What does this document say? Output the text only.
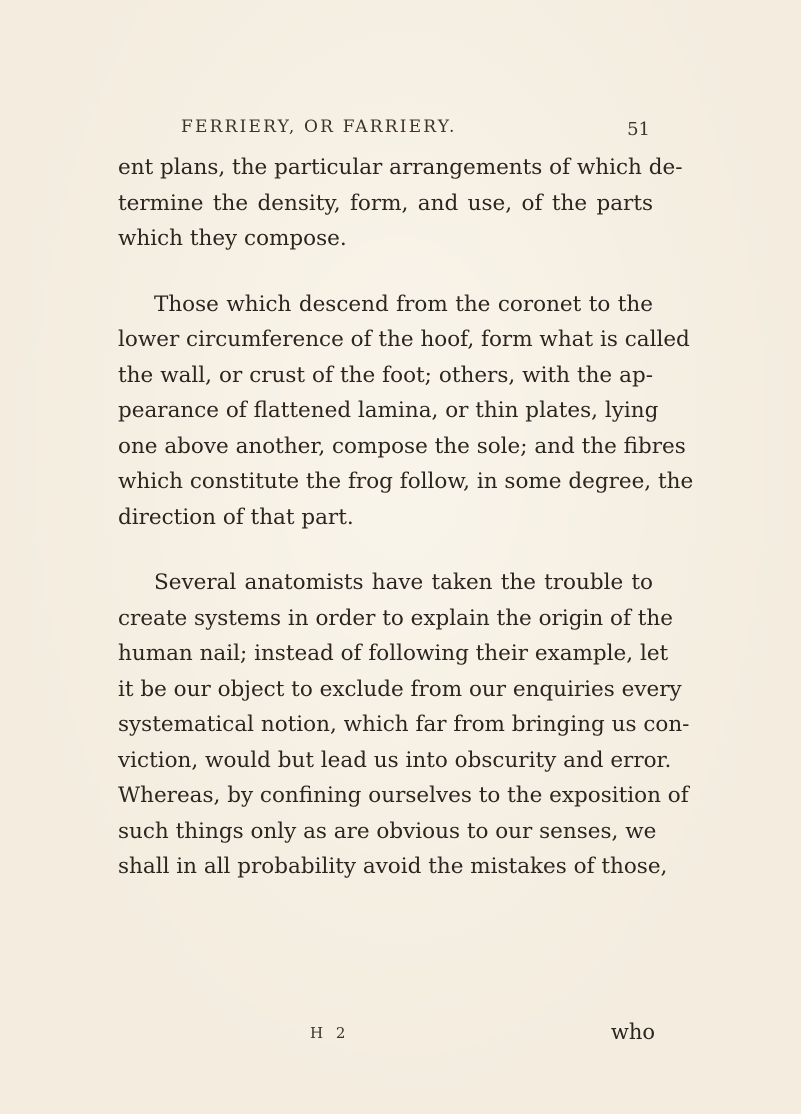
FERRIERY, OR FARRIERY.	51
ent plans, the particular arrangements of which de-
termine the density, form, and use, of the parts
which they compose.
Those which descend from the coronet to the
lower circumference of the hoof, form what is called
the wall, or crust of the foot; others, with the ap-
pearance of flattened lamina, or thin plates, lying
one above another, compose the sole; and the fibres
which constitute the frog follow, in some degree, the
direction of that part.
Several anatomists have taken the trouble to
create systems in order to explain the origin of the
human nail; instead of following their example, let
it be our object to exclude from our enquiries every
systematical notion, which far from bringing us con-
viction, would but lead us into obscurity and error.
Whereas, by confining ourselves to the exposition of
such things only as are obvious to our senses, we
shall in all probability avoid the mistakes of those,
H 2	who
